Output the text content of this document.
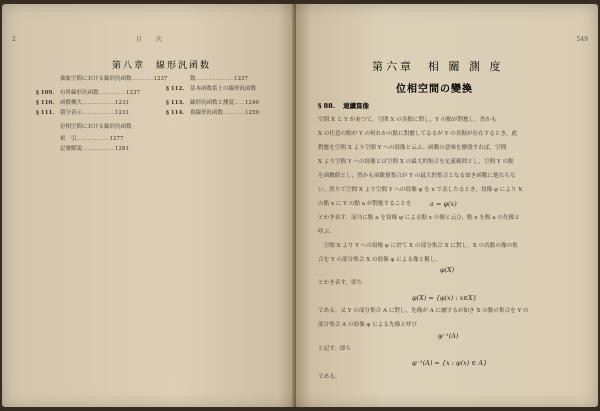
2	目 次	549
第八章　線形汎函数
抽象空間における線形汎函数…………1237
§ 109. 有界線形汎函数……………1237
§ 110. 函数概大………………1231
§ 111. 積分表示………………1231
位相空間における線形汎函数
索　引………………1277
記號解說………………1281
数…………………1237
§ 112. 基本函数系上の線形汎函数
§ 113. 線形汎函数と測度……1240
§ 114. 複線形汎函数…………1259
第六章　相 關 測 度
位相空間の變換
§ 88. 連續寫像
空間 X と Y があつて，空間 X の各點に對し，Y の點が對應し，然かも
X の任意の點が Y の何れかの點に對應してゐるが Y の各點が存在するとき，此
對應を空間 X より空間 Y への寫像と云ふ。函數の意味を擴張すれば，空間
X より空間 Y への寫像とは空間 X の最大的集合を定義範囲とし，空間 Y の點
を函數値とし，然かも函數値集合が Y の最大的集合となる如き函數に他ならな
い。然りて空間 X より空間 Y への寫像 φ を x で表したるとき，寫像 φ により X
の點 x に Y の點 a が對應することを	a = φ(x)
とかき表す。而乃に點 a を寫像 φ による點 x の像と云ひ，點 x を點 a の先像と
呼ぶ。
　空間 X より Y への寫像 φ に於て X の部分集合 X に對し，X の各點の像の集
合を Y の部分集合 X の寫像 φ による像と稱し，
φ(X)
とかき表す。即ち
φ(X) = {φ(x) : x∈X}
である。又 Y の部分集合 A に對し，先像が A に屬するが如き X の點の集合を Y の
部分集合 A の寫像 φ による先像と呼び
φ⁻¹(A)
と記す。即ち
φ⁻¹(A) = {x : φ(x) ∈ A}
である。
